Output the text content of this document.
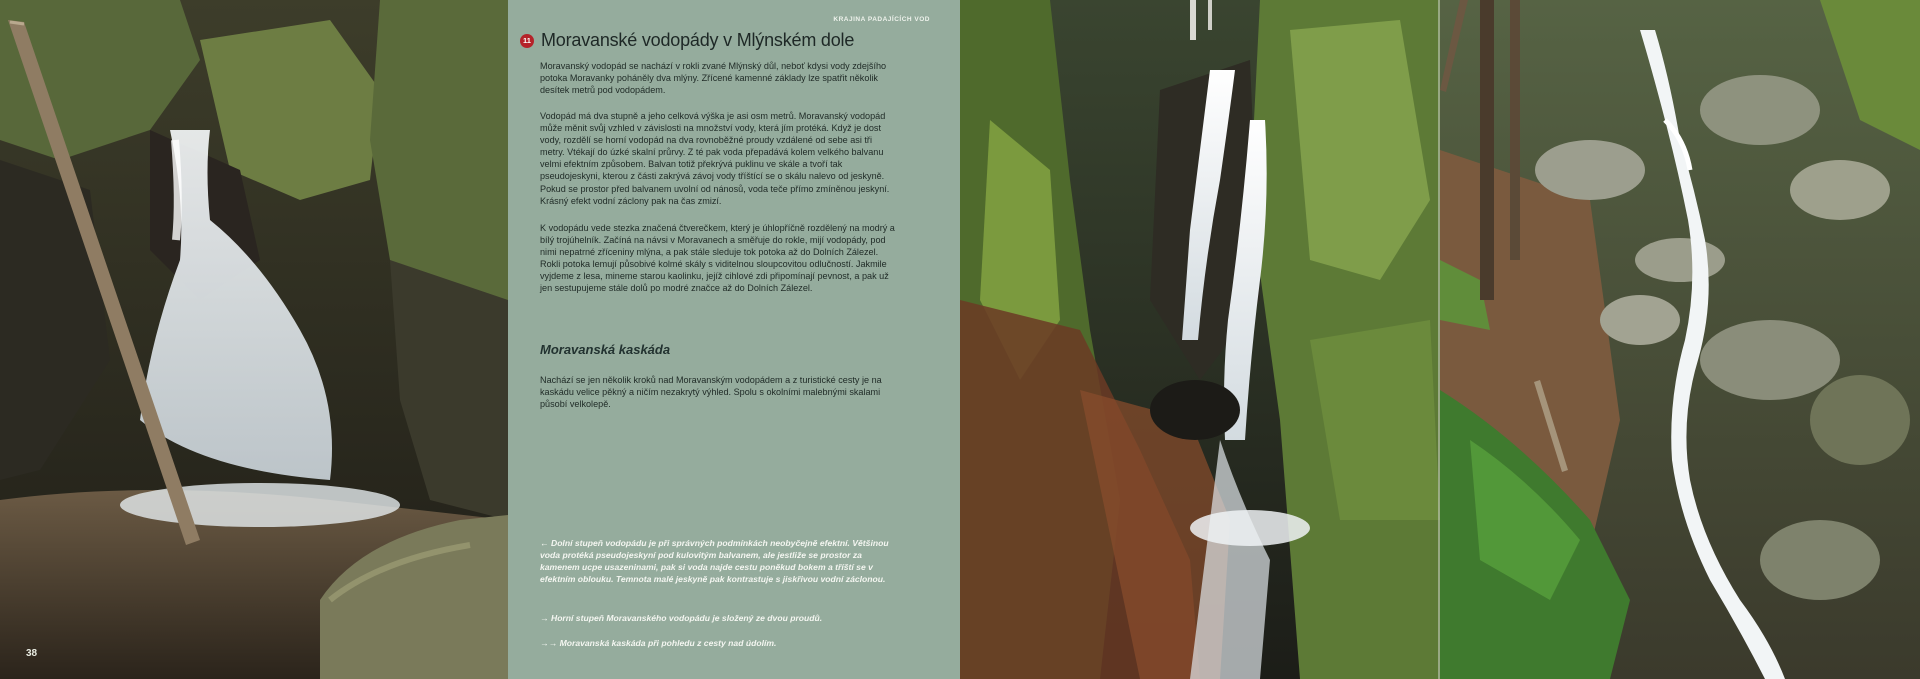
38
KRAJINA PADAJÍCÍCH VOD
11 Moravanské vodopády v Mlýnském dole

Moravanský vodopád se nachází v rokli zvané Mlýnský důl, neboť kdysi vody zdejšího potoka Moravanky poháněly dva mlýny. Zřícené kamenné základy lze spatřit několik desítek metrů pod vodopádem.

Vodopád má dva stupně a jeho celková výška je asi osm metrů. Moravanský vodopád může měnit svůj vzhled v závislosti na množství vody, která jím protéká. Když je dost vody, rozdělí se horní vodopád na dva rovnoběžné proudy vzdálené od sebe asi tři metry. Vtékají do úzké skalní průrvy. Z té pak voda přepadává kolem velkého balvanu velmi efektním způsobem. Balvan totiž překrývá puklinu ve skále a tvoří tak pseudojeskyni, kterou z části zakrývá závoj vody tříštící se o skálu nalevo od jeskyně. Pokud se prostor před balvanem uvolní od nánosů, voda teče přímo zmíněnou jeskyní. Krásný efekt vodní záclony pak na čas zmizí.

K vodopádu vede stezka značená čtverečkem, který je úhlopříčně rozdělený na modrý a bílý trojúhelník. Začíná na návsi v Moravanech a směřuje do rokle, mijí vodopády, pod nimi nepatrné zříceniny mlýna, a pak stále sleduje tok potoka až do Dolních Zálezel. Rokli potoka lemují působivé kolmé skály s viditelnou sloupcovitou odlučností. Jakmile vyjdeme z lesa, mineme starou kaolinku, jejíž cihlové zdi připomínají pevnost, a pak už jen sestupujeme stále dolů po modré značce až do Dolních Zálezel.

Moravanská kaskáda

Nachází se jen několik kroků nad Moravanským vodopádem a z turistické cesty je na kaskádu velice pěkný a ničím nezakrytý výhled. Spolu s okolními malebnými skalami působí velkolepě.

← Dolní stupeň vodopádu je při správných podmínkách neobyčejně efektní. Většinou voda protéká pseudojeskyní pod kulovitým balvanem, ale jestliže se prostor za kamenem ucpe usazeninami, pak si voda najde cestu poněkud bokem a tříští se v efektním oblouku. Temnota malé jeskyně pak kontrastuje s jiskřivou vodní záclonou.

→ Horní stupeň Moravanského vodopádu je složený ze dvou proudů.

→→ Moravanská kaskáda při pohledu z cesty nad údolím.
